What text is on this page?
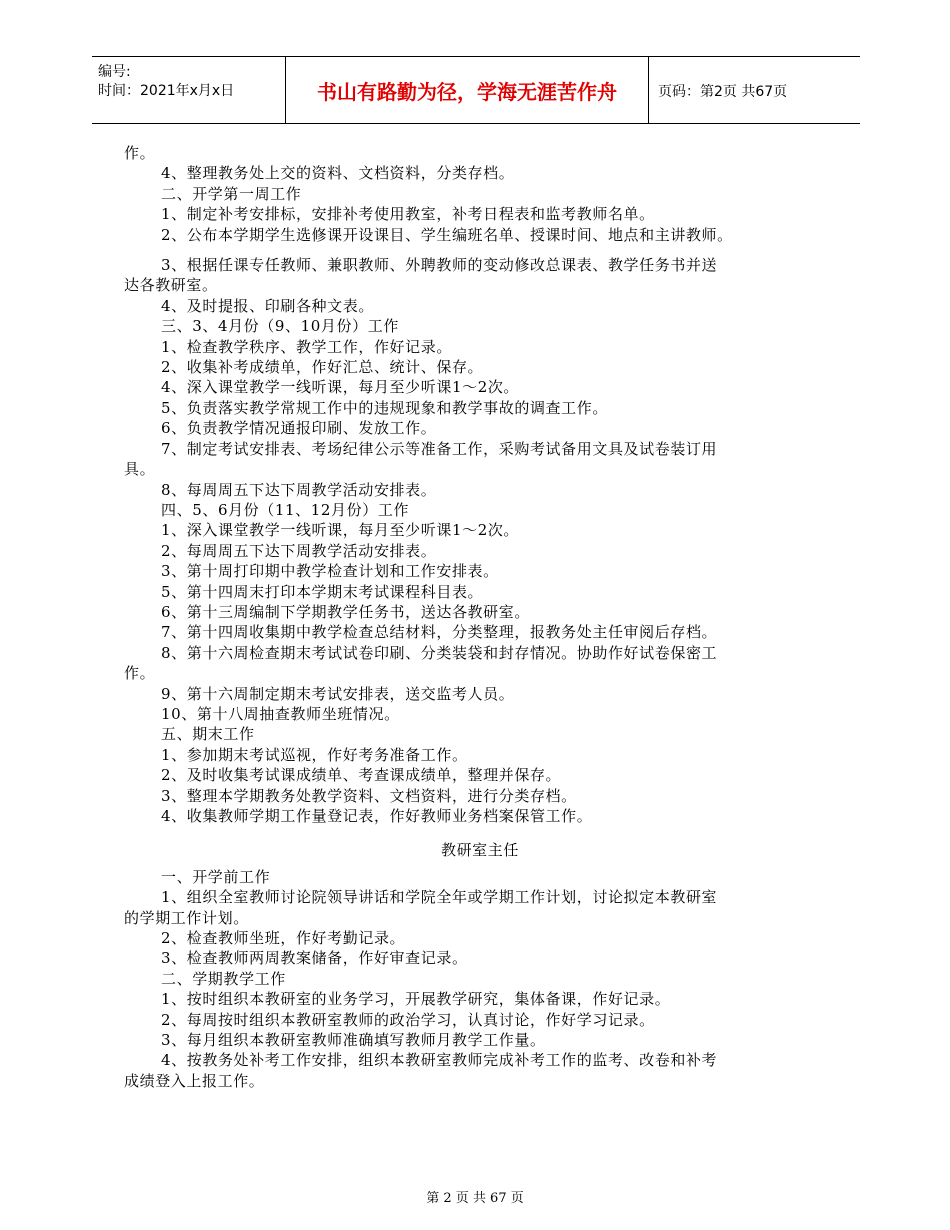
编号:
时间：2021年x月x日	书山有路勤为径，学海无涯苦作舟	页码：第2页 共67页
作。
4、整理教务处上交的资料、文档资料，分类存档。
二、开学第一周工作
1、制定补考安排标，安排补考使用教室，补考日程表和监考教师名单。
2、公布本学期学生选修课开设课目、学生编班名单、授课时间、地点和主讲教师。
3、根据任课专任教师、兼职教师、外聘教师的变动修改总课表、教学任务书并送
达各教研室。
4、及时提报、印刷各种文表。
三、3、4月份（9、10月份）工作
1、检查教学秩序、教学工作，作好记录。
2、收集补考成绩单，作好汇总、统计、保存。
4、深入课堂教学一线听课，每月至少听课1～2次。
5、负责落实教学常规工作中的违规现象和教学事故的调查工作。
6、负责教学情况通报印刷、发放工作。
7、制定考试安排表、考场纪律公示等准备工作，采购考试备用文具及试卷装订用
具。
8、每周周五下达下周教学活动安排表。
四、5、6月份（11、12月份）工作
1、深入课堂教学一线听课，每月至少听课1～2次。
2、每周周五下达下周教学活动安排表。
3、第十周打印期中教学检查计划和工作安排表。
5、第十四周末打印本学期末考试课程科目表。
6、第十三周编制下学期教学任务书，送达各教研室。
7、第十四周收集期中教学检查总结材料，分类整理，报教务处主任审阅后存档。
8、第十六周检查期末考试试卷印刷、分类装袋和封存情况。协助作好试卷保密工
作。
9、第十六周制定期末考试安排表，送交监考人员。
10、第十八周抽查教师坐班情况。
五、期末工作
1、参加期末考试巡视，作好考务准备工作。
2、及时收集考试课成绩单、考查课成绩单，整理并保存。
3、整理本学期教务处教学资料、文档资料，进行分类存档。
4、收集教师学期工作量登记表，作好教师业务档案保管工作。
教研室主任
一、开学前工作
1、组织全室教师讨论院领导讲话和学院全年或学期工作计划，讨论拟定本教研室
的学期工作计划。
2、检查教师坐班，作好考勤记录。
3、检查教师两周教案储备，作好审查记录。
二、学期教学工作
1、按时组织本教研室的业务学习，开展教学研究，集体备课，作好记录。
2、每周按时组织本教研室教师的政治学习，认真讨论，作好学习记录。
3、每月组织本教研室教师准确填写教师月教学工作量。
4、按教务处补考工作安排，组织本教研室教师完成补考工作的监考、改卷和补考
成绩登入上报工作。
第 2 页 共 67 页
